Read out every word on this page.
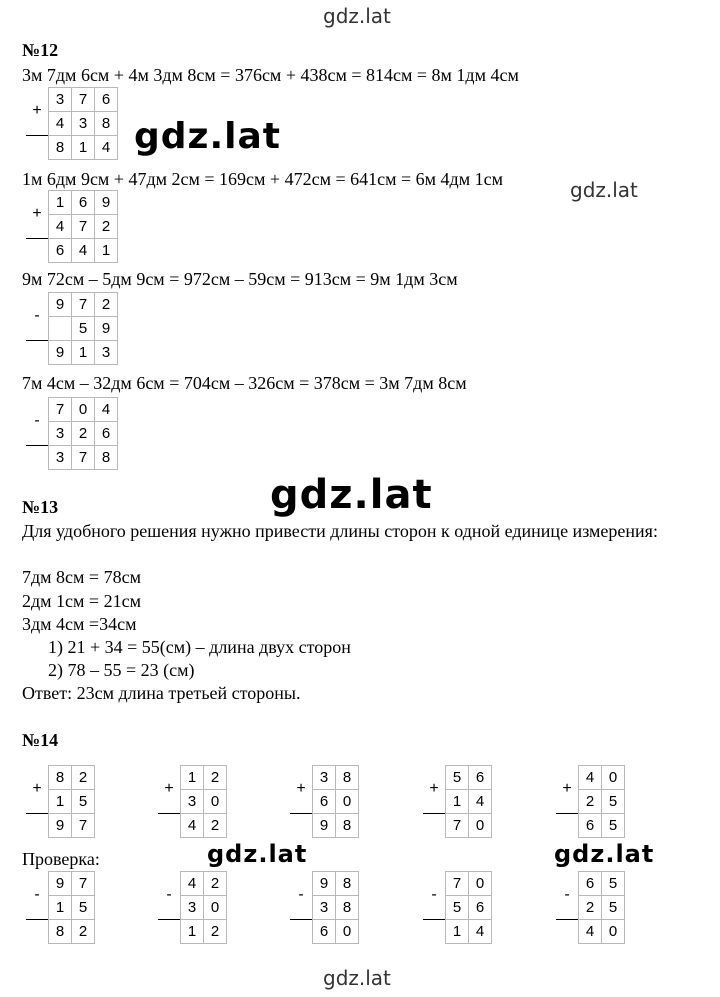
gdz.lat
gdz.lat
gdz.lat
gdz.lat
gdz.lat	gdz.lat
gdz.lat
№12
3м 7дм 6см + 4м 3дм 8см = 376см + 438см = 814см = 8м 1дм 4см
+	3	7	6
	4	3	8
	8	1	4
1м 6дм 9см + 47дм 2см = 169см + 472см = 641см = 6м 4дм 1см
+	1	6	9
	4	7	2
	6	4	1
9м 72см – 5дм 9см = 972см – 59см = 913см = 9м 1дм 3см
-	9	7	2
		5	9
	9	1	3
7м 4см – 32дм 6см = 704см – 326см = 378см = 3м 7дм 8см
-	7	0	4
	3	2	6
	3	7	8
№13
Для удобного решения нужно привести длины сторон к одной единице измерения:
7дм 8см = 78см
2дм 1см = 21см
3дм 4см =34см
1) 21 + 34 = 55(см) – длина двух сторон
2) 78 – 55 = 23 (см)
Ответ: 23см длина третьей стороны.
№14
+	8	2
	1	5
	9	7
+	1	2
	3	0
	4	2
+	3	8
	6	0
	9	8
+	5	6
	1	4
	7	0
+	4	0
	2	5
	6	5
Проверка:
-	9	7
	1	5
	8	2
-	4	2
	3	0
	1	2
-	9	8
	3	8
	6	0
-	7	0
	5	6
	1	4
-	6	5
	2	5
	4	0
